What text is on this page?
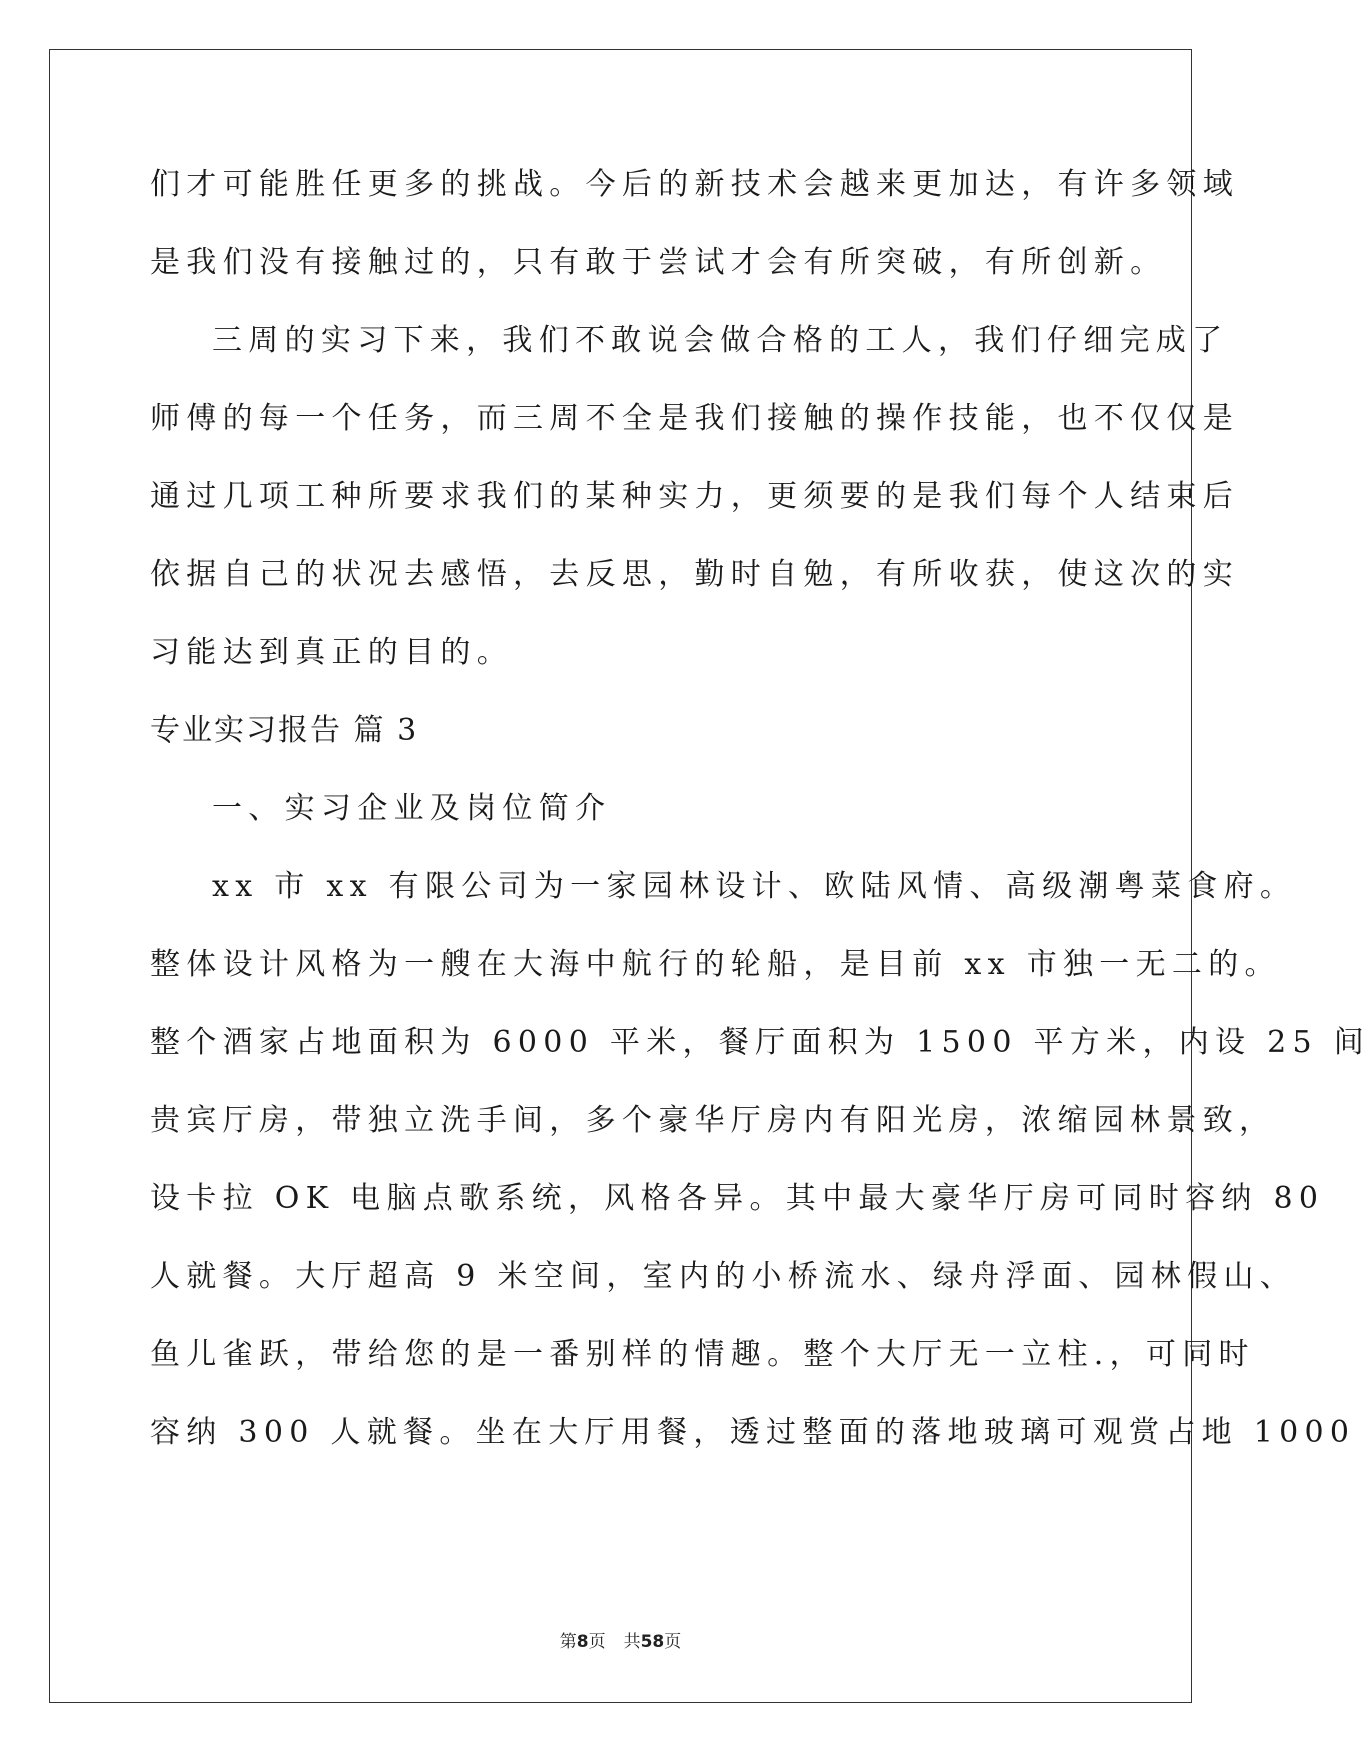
们才可能胜任更多的挑战。今后的新技术会越来更加达，有许多领域
是我们没有接触过的，只有敢于尝试才会有所突破，有所创新。
三周的实习下来，我们不敢说会做合格的工人，我们仔细完成了
师傅的每一个任务，而三周不全是我们接触的操作技能，也不仅仅是
通过几项工种所要求我们的某种实力，更须要的是我们每个人结束后
依据自己的状况去感悟，去反思，勤时自勉，有所收获，使这次的实
习能达到真正的目的。
专业实习报告 篇 3
一、实习企业及岗位简介
xx 市 xx 有限公司为一家园林设计、欧陆风情、高级潮粤菜食府。
整体设计风格为一艘在大海中航行的轮船，是目前 xx 市独一无二的。
整个酒家占地面积为 6000 平米，餐厅面积为 1500 平方米，内设 25 间
贵宾厅房，带独立洗手间，多个豪华厅房内有阳光房，浓缩园林景致，
设卡拉 OK 电脑点歌系统，风格各异。其中最大豪华厅房可同时容纳 80
人就餐。大厅超高 9 米空间，室内的小桥流水、绿舟浮面、园林假山、
鱼儿雀跃，带给您的是一番别样的情趣。整个大厅无一立柱.，可同时
容纳 300 人就餐。坐在大厅用餐，透过整面的落地玻璃可观赏占地 1000
第8页 共58页
